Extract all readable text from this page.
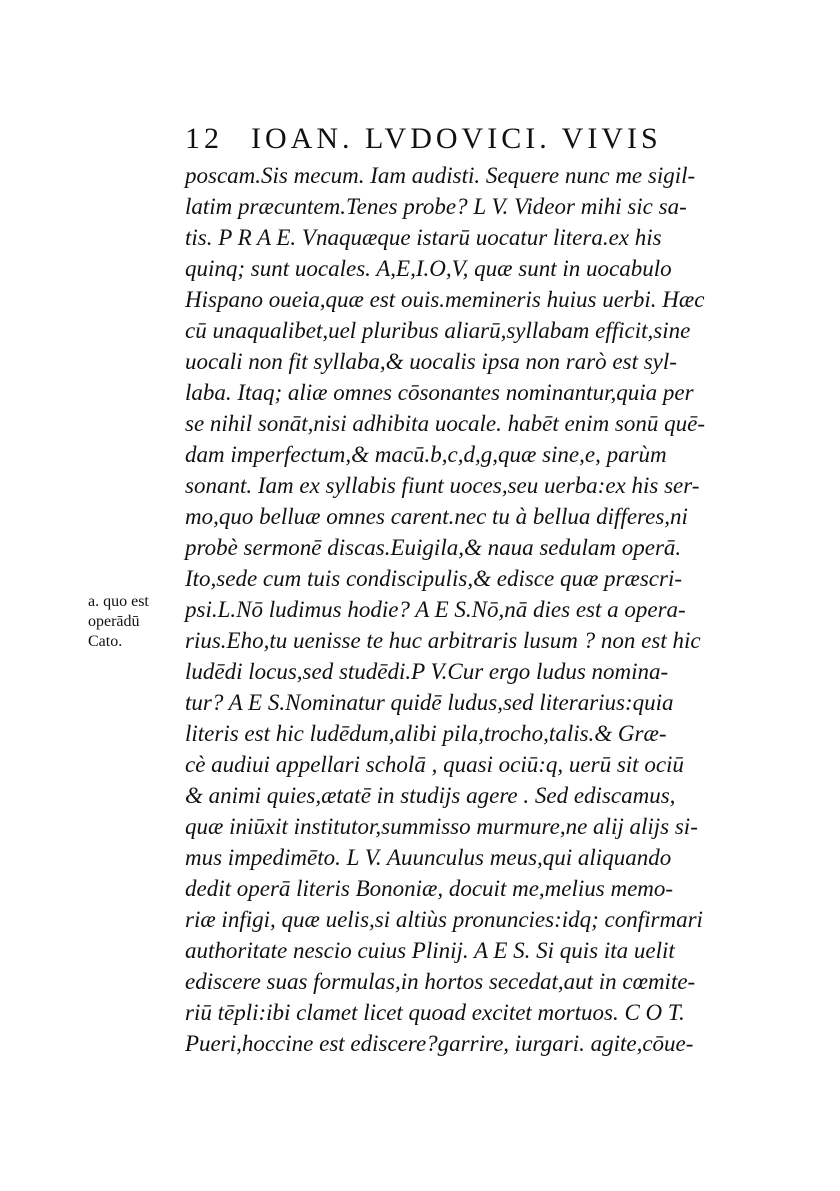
12 IOAN. LVDOVICI. VIVIS
a. quo est
operādū
Cato.
poscam.Sis mecum. Iam audisti. Sequere nunc me sigil-
latim præcuntem.Tenes probe? L V. Videor mihi sic sa-
tis. P R A E. Vnaquæque istarū uocatur litera.ex his
quinq; sunt uocales. A,E,I.O,V, quæ sunt in uocabulo
Hispano oueia,quæ est ouis.memineris huius uerbi. Hæc
cū unaqualibet,uel pluribus aliarū,syllabam efficit,sine
uocali non fit syllaba,& uocalis ipsa non rarò est syl-
laba. Itaq; aliæ omnes cōsonantes nominantur,quia per
se nihil sonāt,nisi adhibita uocale. habēt enim sonū quē-
dam imperfectum,& macū.b,c,d,g,quæ sine,e, parùm
sonant. Iam ex syllabis fiunt uoces,seu uerba:ex his ser-
mo,quo belluæ omnes carent.nec tu à bellua differes,ni
probè sermonē discas.Euigila,& naua sedulam operā.
Ito,sede cum tuis condiscipulis,& edisce quæ præscri-
psi.L.Nō ludimus hodie? A E S.Nō,nā dies est a opera-
rius.Eho,tu uenisse te huc arbitraris lusum ? non est hic
ludēdi locus,sed studēdi.P V.Cur ergo ludus nomina-
tur? A E S.Nominatur quidē ludus,sed literarius:quia
literis est hic ludēdum,alibi pila,trocho,talis.& Græ-
cè audiui appellari scholā , quasi ociū:q, uerū sit ociū
& animi quies,ætatē in studijs agere . Sed ediscamus,
quæ iniūxit institutor,summisso murmure,ne alij alijs si-
mus impedimēto. L V. Auunculus meus,qui aliquando
dedit operā literis Bononiæ, docuit me,melius memo-
riæ infigi, quæ uelis,si altiùs pronuncies:idq; confirmari
authoritate nescio cuius Plinij. A E S. Si quis ita uelit
ediscere suas formulas,in hortos secedat,aut in cœmite-
riū tēpli:ibi clamet licet quoad excitet mortuos. C O T.
Pueri,hoccine est ediscere?garrire, iurgari. agite,cōue-
